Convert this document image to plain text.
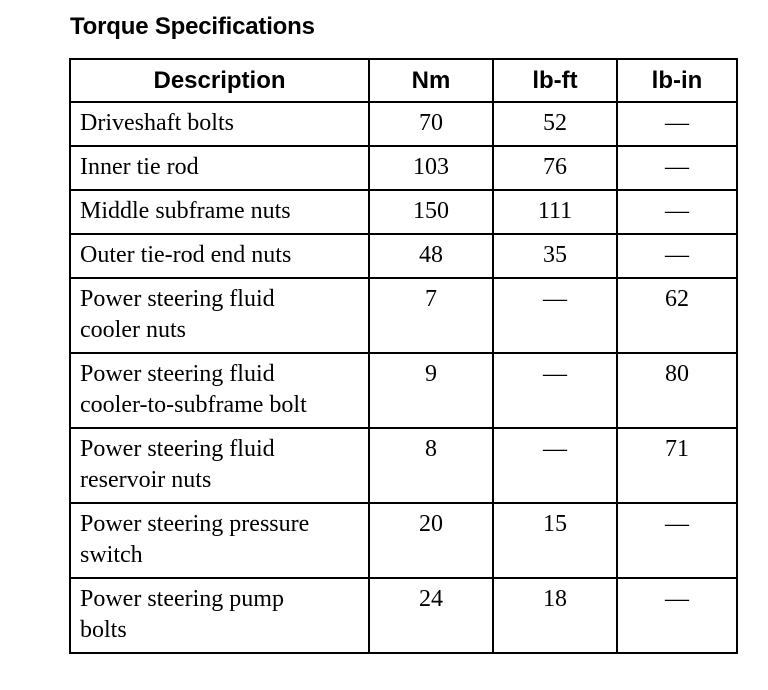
Torque Specifications
Description	Nm	lb-ft	lb-in

Driveshaft bolts	70	52	—

Inner tie rod	103	76	—

Middle subframe nuts	150	111	—

Outer tie-rod end nuts	48	35	—

Power steering fluid
cooler nuts	7	—	62

Power steering fluid
cooler-to-subframe bolt	9	—	80

Power steering fluid
reservoir nuts	8	—	71

Power steering pressure
switch	20	15	—

Power steering pump
bolts	24	18	—
